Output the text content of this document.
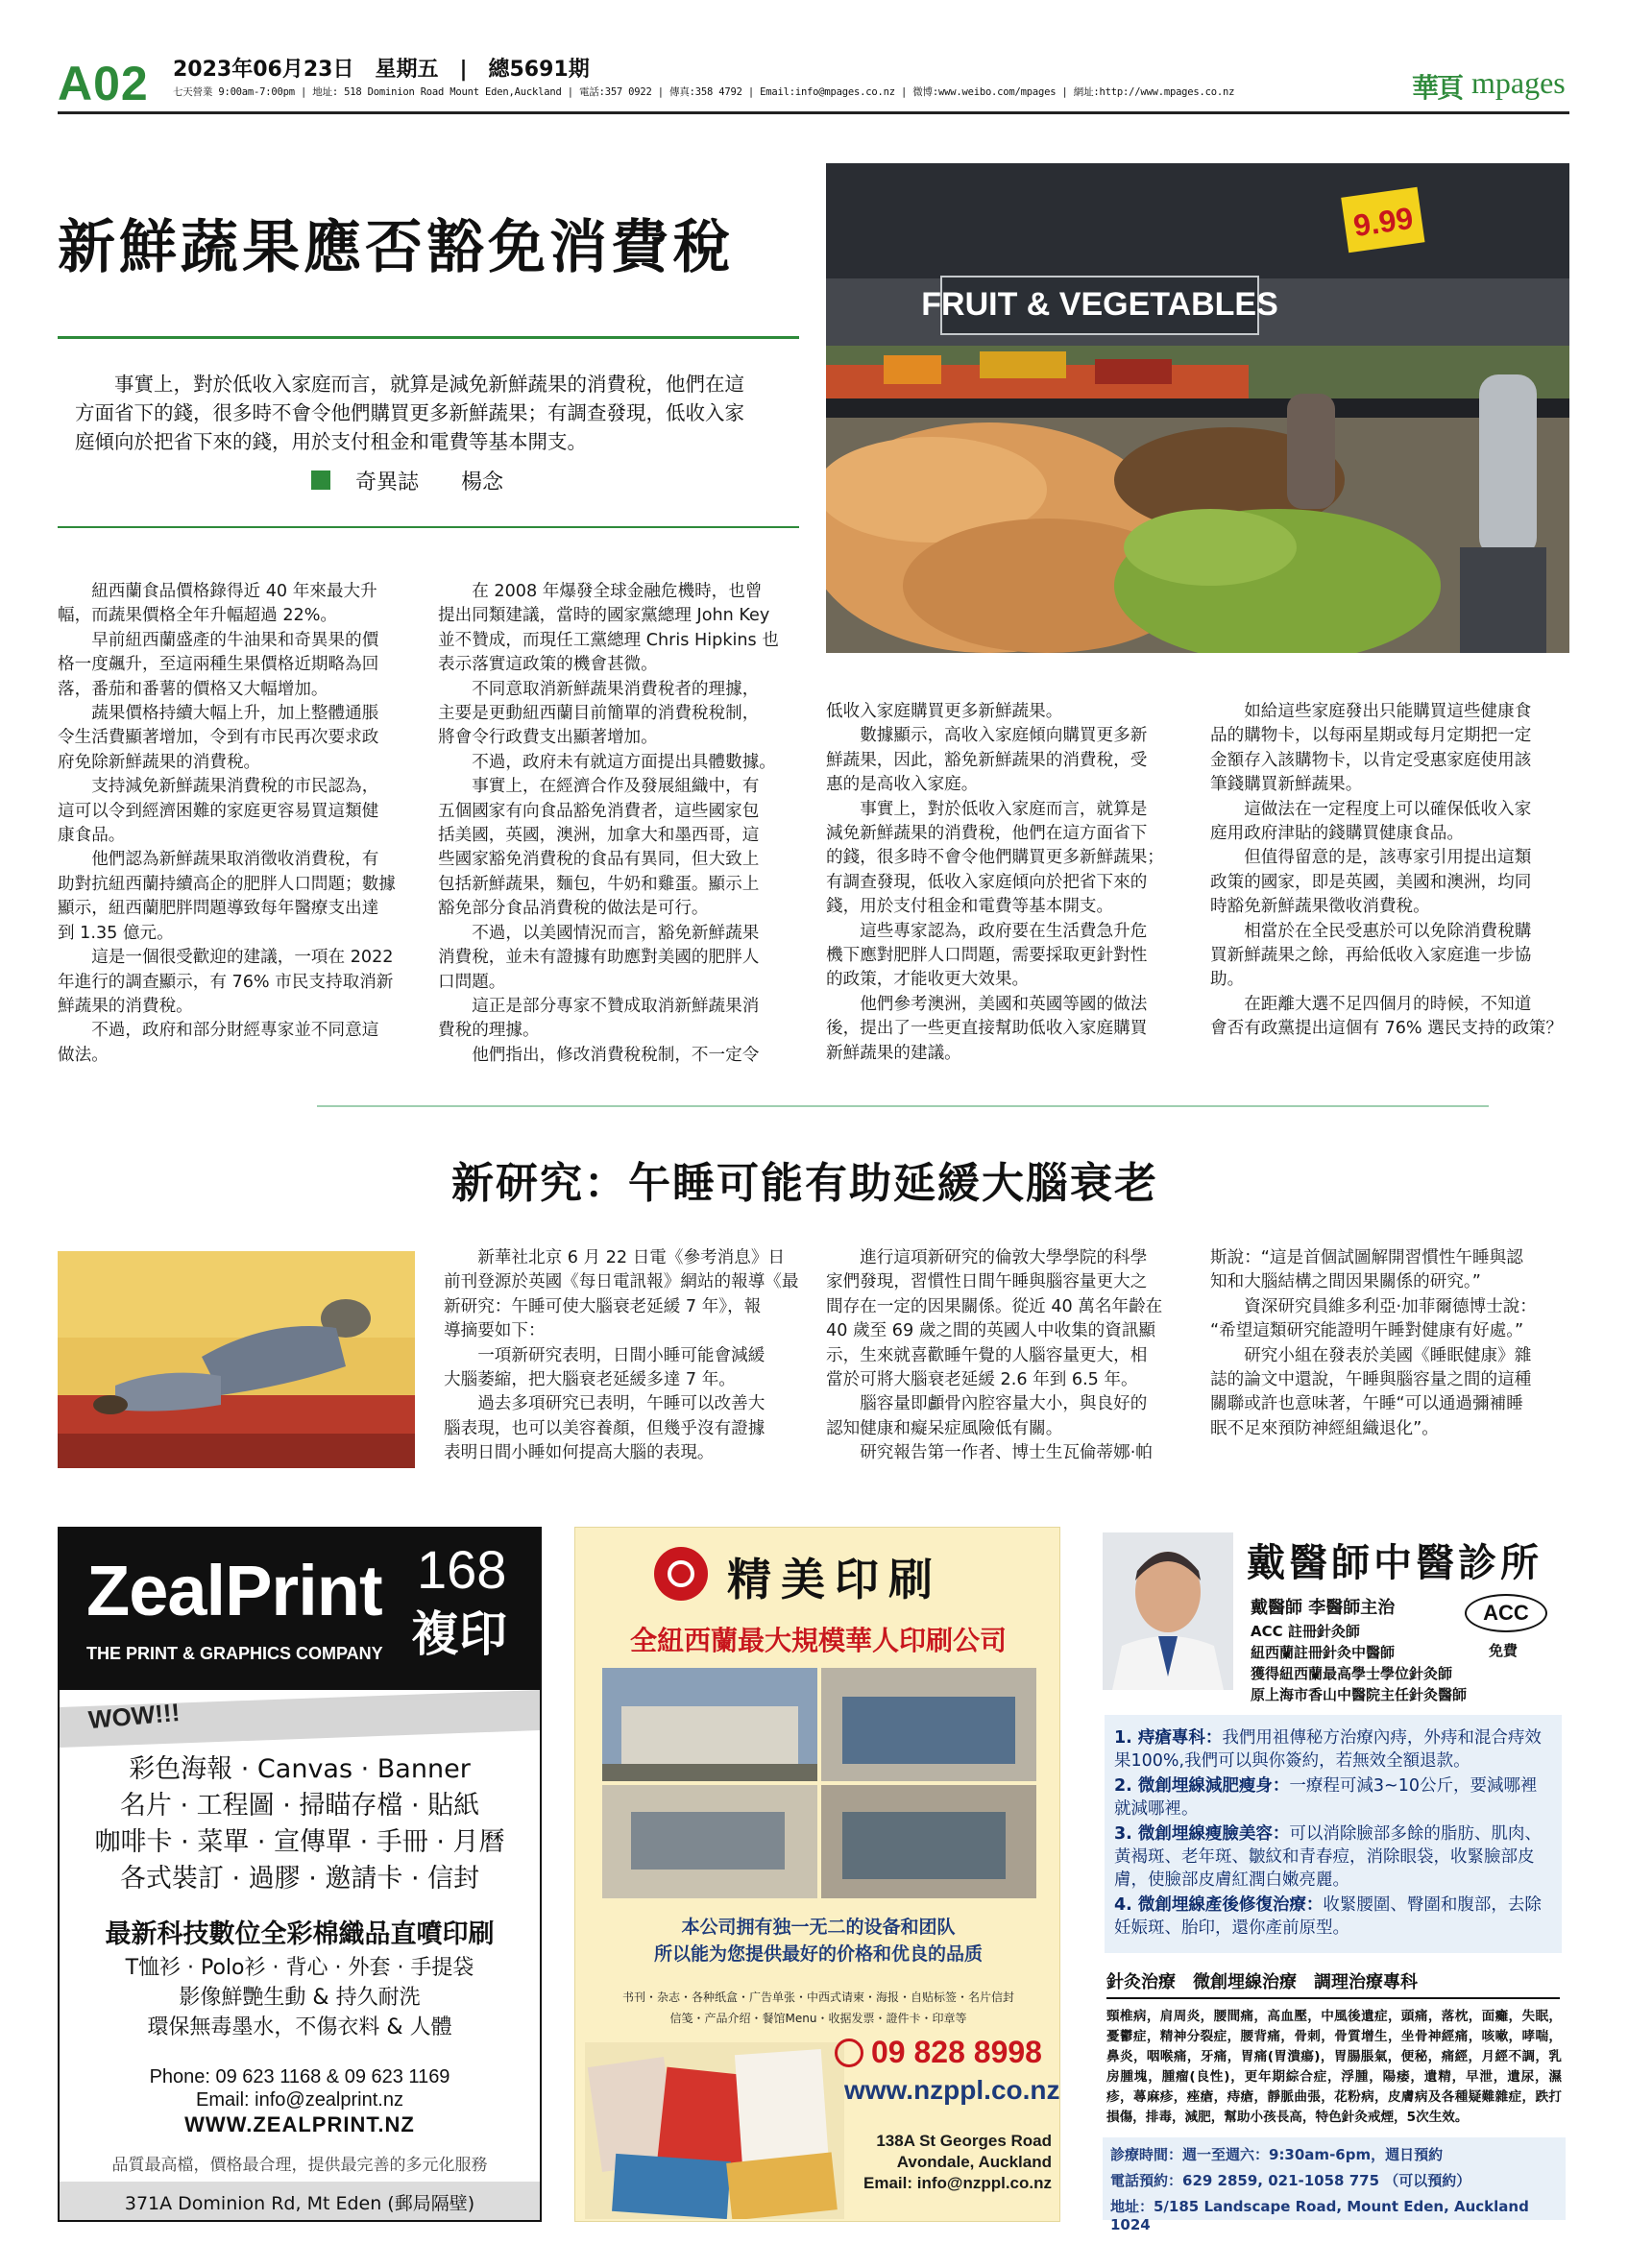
A02 2023年06月23日　星期五　|　總5691期
七天營業 9:00am-7:00pm | 地址: 518 Dominion Road Mount Eden,Auckland | 電話:357 0922 | 傳真:358 4792 | Email:info@mpages.co.nz | 微博:www.weibo.com/mpages | 網址:http://www.mpages.co.nz	華頁 mpages
新鮮蔬果應否豁免消費稅
　　事實上，對於低收入家庭而言，就算是減免新鮮蔬果的消費稅，他們在這
方面省下的錢，很多時不會令他們購買更多新鮮蔬果；有調查發現，低收入家
庭傾向於把省下來的錢，用於支付租金和電費等基本開支。
奇異誌　　楊念
FRUIT & VEGETABLES
9.99
　　紐西蘭食品價格錄得近 40 年來最大升
幅，而蔬果價格全年升幅超過 22%。
　　早前紐西蘭盛產的牛油果和奇異果的價
格一度飆升，至這兩種生果價格近期略為回
落，番茄和番薯的價格又大幅增加。
　　蔬果價格持續大幅上升，加上整體通脹
令生活費顯著增加，令到有市民再次要求政
府免除新鮮蔬果的消費稅。
　　支持減免新鮮蔬果消費稅的市民認為，
這可以令到經濟困難的家庭更容易買這類健
康食品。
　　他們認為新鮮蔬果取消徵收消費稅，有
助對抗紐西蘭持續高企的肥胖人口問題；數據
顯示，紐西蘭肥胖問題導致每年醫療支出達
到 1.35 億元。
　　這是一個很受歡迎的建議，一項在 2022
年進行的調查顯示，有 76% 市民支持取消新
鮮蔬果的消費稅。
　　不過，政府和部分財經專家並不同意這
做法。
　　在 2008 年爆發全球金融危機時，也曾
提出同類建議，當時的國家黨總理 John Key
並不贊成，而現任工黨總理 Chris Hipkins 也
表示落實這政策的機會甚微。
　　不同意取消新鮮蔬果消費稅者的理據，
主要是更動紐西蘭目前簡單的消費稅稅制，
將會令行政費支出顯著增加。
　　不過，政府未有就這方面提出具體數據。
　　事實上，在經濟合作及發展組織中，有
五個國家有向食品豁免消費者，這些國家包
括美國，英國，澳洲，加拿大和墨西哥，這
些國家豁免消費稅的食品有異同，但大致上
包括新鮮蔬果，麵包，牛奶和雞蛋。顯示上
豁免部分食品消費稅的做法是可行。
　　不過，以美國情況而言，豁免新鮮蔬果
消費稅，並未有證據有助應對美國的肥胖人
口問題。
　　這正是部分專家不贊成取消新鮮蔬果消
費稅的理據。
　　他們指出，修改消費稅稅制，不一定令
低收入家庭購買更多新鮮蔬果。
　　數據顯示，高收入家庭傾向購買更多新
鮮蔬果，因此，豁免新鮮蔬果的消費稅，受
惠的是高收入家庭。
　　事實上，對於低收入家庭而言，就算是
減免新鮮蔬果的消費稅，他們在這方面省下
的錢，很多時不會令他們購買更多新鮮蔬果；
有調查發現，低收入家庭傾向於把省下來的
錢，用於支付租金和電費等基本開支。
　　這些專家認為，政府要在生活費急升危
機下應對肥胖人口問題，需要採取更針對性
的政策，才能收更大效果。
　　他們參考澳洲，美國和英國等國的做法
後，提出了一些更直接幫助低收入家庭購買
新鮮蔬果的建議。
　　如給這些家庭發出只能購買這些健康食
品的購物卡，以每兩星期或每月定期把一定
金額存入該購物卡，以肯定受惠家庭使用該
筆錢購買新鮮蔬果。
　　這做法在一定程度上可以確保低收入家
庭用政府津貼的錢購買健康食品。
　　但值得留意的是，該專家引用提出這類
政策的國家，即是英國，美國和澳洲，均同
時豁免新鮮蔬果徵收消費稅。
　　相當於在全民受惠於可以免除消費稅購
買新鮮蔬果之餘，再給低收入家庭進一步協
助。
　　在距離大選不足四個月的時候，不知道
會否有政黨提出這個有 76% 選民支持的政策？
新研究：午睡可能有助延緩大腦衰老
　　新華社北京 6 月 22 日電《參考消息》日
前刊登源於英國《每日電訊報》網站的報導《最
新研究：午睡可使大腦衰老延緩 7 年》，報
導摘要如下：
　　一項新研究表明，日間小睡可能會減緩
大腦萎縮，把大腦衰老延緩多達 7 年。
　　過去多項研究已表明，午睡可以改善大
腦表現，也可以美容養顏，但幾乎沒有證據
表明日間小睡如何提高大腦的表現。
　　進行這項新研究的倫敦大學學院的科學
家們發現，習慣性日間午睡與腦容量更大之
間存在一定的因果關係。從近 40 萬名年齡在
40 歲至 69 歲之間的英國人中收集的資訊顯
示，生來就喜歡睡午覺的人腦容量更大，相
當於可將大腦衰老延緩 2.6 年到 6.5 年。
　　腦容量即顱骨內腔容量大小，與良好的
認知健康和癡呆症風險低有關。
　　研究報告第一作者、博士生瓦倫蒂娜·帕
斯說：“這是首個試圖解開習慣性午睡與認
知和大腦結構之間因果關係的研究。”
　　資深研究員維多利亞·加菲爾德博士說：
“希望這類研究能證明午睡對健康有好處。”
　　研究小組在發表於美國《睡眠健康》雜
誌的論文中還說，午睡與腦容量之間的這種
關聯或許也意味著，午睡“可以通過彌補睡
眠不足來預防神經組織退化”。
ZealPrint 168
複印
THE PRINT & GRAPHICS COMPANY
WOW!!!
彩色海報 · Canvas · Banner
名片 · 工程圖 · 掃瞄存檔 · 貼紙
咖啡卡 · 菜單 · 宣傳單 · 手冊 · 月曆
各式裝訂 · 過膠 · 邀請卡 · 信封
最新科技數位全彩棉織品直噴印刷
T恤衫 · Polo衫 · 背心 · 外套 · 手提袋
影像鮮艷生動 & 持久耐洗
環保無毒墨水，不傷衣料 & 人體
Phone: 09 623 1168 & 09 623 1169
Email: info@zealprint.nz
WWW.ZEALPRINT.NZ
品質最高檔，價格最合理，提供最完善的多元化服務
371A Dominion Rd, Mt Eden (郵局隔壁)
精美印刷
全紐西蘭最大規模華人印刷公司
本公司拥有独一无二的设备和团队
所以能为您提供最好的价格和优良的品质
书刊・杂志・各种纸盒・广告单张・中西式请柬・海报・自贴标签・名片信封
信笺・产品介绍・餐馆Menu・收据发票・證件卡・印章等
09 828 8998
www.nzppl.co.nz
138A St Georges Road
Avondale, Auckland
Email: info@nzppl.co.nz
戴醫師中醫診所
戴醫師 李醫師主治
ACC 註冊針灸師
紐西蘭註冊針灸中醫師
獲得紐西蘭最高學士學位針灸師
原上海市香山中醫院主任針灸醫師
ACC
免費
1. 痔瘡專科：我們用祖傳秘方治療內痔，外痔和混合痔效果100%,我們可以與你簽約，若無效全額退款。
2. 微創埋線減肥瘦身：一療程可減3~10公斤，要減哪裡就減哪裡。
3. 微創埋線瘦臉美容：可以消除臉部多餘的脂肪、肌肉、黃褐斑、老年斑、皺紋和青春痘，消除眼袋，收緊臉部皮膚，使臉部皮膚紅潤白嫩亮麗。
4. 微創埋線產後修復治療：收緊腰圍、臀圍和腹部，去除妊娠斑、胎印，還你產前原型。
針灸治療　微創埋線治療　調理治療專科
頸椎病，肩周炎，腰間痛，高血壓，中風後遺症，頭痛，落枕，面癱，失眠，憂鬱症，精神分裂症，腰背痛，骨刺，骨質增生，坐骨神經痛，咳嗽，哮喘，鼻炎，咽喉痛，牙痛，胃痛(胃潰瘍)，胃腸脹氣，便秘，痛經，月經不調，乳房腫塊，腫瘤(良性)，更年期綜合症，浮腫，陽痿，遺精，早泄，遺尿，濕疹，蕁麻疹，痤瘡，痔瘡，靜脈曲張，花粉病，皮膚病及各種疑難雜症，跌打損傷，排毒，減肥，幫助小孩長高，特色針灸戒煙，5次生效。
診療時間：週一至週六：9:30am-6pm，週日預約
電話預約：629 2859, 021-1058 775 （可以預約）
地址：5/185 Landscape Road, Mount Eden, Auckland 1024
